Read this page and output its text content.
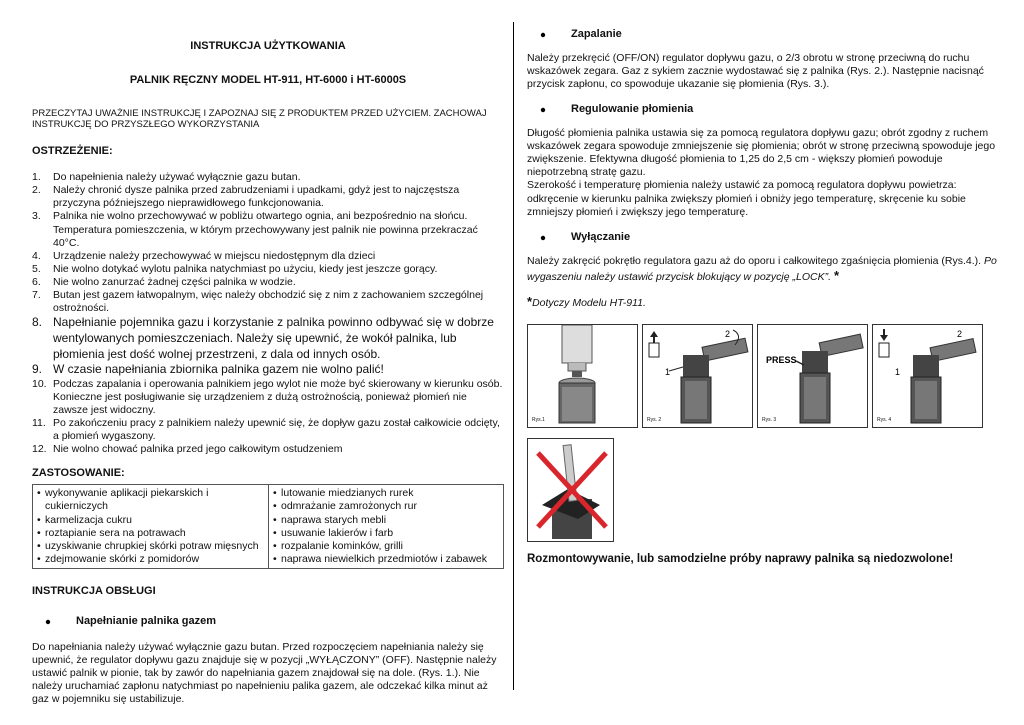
INSTRUKCJA UŻYTKOWANIA
PALNIK RĘCZNY MODEL HT-911, HT-6000 i HT-6000S
PRZECZYTAJ UWAŻNIE INSTRUKCJĘ I ZAPOZNAJ SIĘ Z PRODUKTEM PRZED UŻYCIEM. ZACHOWAJ INSTRUKCJĘ DO PRZYSZŁEGO WYKORZYSTANIA
OSTRZEŻENIE:
1.	Do napełnienia należy używać wyłącznie gazu butan.
2.	Należy chronić dysze palnika przed zabrudzeniami i upadkami, gdyż jest to najczęstsza przyczyna późniejszego nieprawidłowego funkcjonowania.
3.	Palnika nie wolno przechowywać w pobliżu otwartego ognia, ani bezpośrednio na słońcu. Temperatura pomieszczenia, w którym przechowywany jest palnik nie powinna przekraczać 40°C.
4.	Urządzenie należy przechowywać w miejscu niedostępnym dla dzieci
5.	Nie wolno dotykać wylotu palnika natychmiast po użyciu, kiedy jest jeszcze gorący.
6.	Nie wolno zanurzać żadnej części palnika w wodzie.
7.	Butan jest gazem łatwopalnym, więc należy obchodzić się z nim z zachowaniem szczególnej ostrożności.
8. Napełnianie pojemnika gazu i korzystanie z palnika powinno odbywać się w dobrze wentylowanych pomieszczeniach. Należy się upewnić, że wokół palnika, lub płomienia jest dość wolnej przestrzeni, z dala od innych osób.
9. W czasie napełniania zbiornika palnika gazem nie wolno palić!
10. Podczas zapalania i operowania palnikiem jego wylot nie może być skierowany w kierunku osób. Konieczne jest posługiwanie się urządzeniem z dużą ostrożnością, ponieważ płomień nie zawsze jest widoczny.
11. Po zakończeniu pracy z palnikiem należy upewnić się, że dopływ gazu został całkowicie odcięty, a płomień wygaszony.
12. Nie wolno chować palnika przed jego całkowitym ostudzeniem
ZASTOSOWANIE:
• wykonywanie aplikacji piekarskich i cukierniczych
• karmelizacja cukru
• roztapianie sera na potrawach
• uzyskiwanie chrupkiej skórki potraw mięsnych
• zdejmowanie skórki z pomidorów
• lutowanie miedzianych rurek
• odmrażanie zamrożonych rur
• naprawa starych mebli
• usuwanie lakierów i farb
• rozpalanie kominków, grilli
• naprawa niewielkich przedmiotów i zabawek
INSTRUKCJA OBSŁUGI
Napełnianie palnika gazem

Do napełniania należy używać wyłącznie gazu butan. Przed rozpoczęciem napełniania należy się upewnić, że regulator dopływu gazu znajduje się w pozycji „WYŁĄCZONY” (OFF). Następnie należy ustawić palnik w pionie, tak by zawór do napełniania gazem znajdował się na dole. (Rys. 1.). Nie należy uruchamiać zapłonu natychmiast po napełnieniu palika gazem, ale odczekać kilka minut aż gaz w pojemniku się ustabilizuje.

Zapalanie

Należy przekręcić (OFF/ON) regulator dopływu gazu, o 2/3 obrotu w stronę przeciwną do ruchu wskazówek zegara. Gaz z sykiem zacznie wydostawać się z palnika (Rys. 2.). Następnie nacisnąć przycisk zapłonu, co spowoduje ukazanie się płomienia (Rys. 3.).

Regulowanie płomienia

Długość płomienia palnika ustawia się za pomocą regulatora dopływu gazu; obrót zgodny z ruchem wskazówek zegara spowoduje zmniejszenie się płomienia; obrót w stronę przeciwną spowoduje jego zwiększenie. Efektywna długość płomienia to 1,25 do 2,5 cm - większy płomień powoduje niepotrzebną stratę gazu.

Szerokość i temperaturę płomienia należy ustawić za pomocą regulatora dopływu powietrza: odkręcenie w kierunku palnika zwiększy płomień i obniży jego temperaturę, skręcenie ku sobie zmniejszy płomień i zwiększy jego temperaturę.

Wyłączanie

Należy zakręcić pokrętło regulatora gazu aż do oporu i całkowitego zgaśnięcia płomienia (Rys.4.). Po wygaszeniu należy ustawić przycisk blokujący w pozycję „LOCK”. *

*Dotyczy Modelu HT-911.

Rys.1
2
1
Rys. 2
PRESS
Rys. 3
2
1
Rys. 4
Rozmontowywanie, lub samodzielne próby naprawy palnika są niedozwolone!
